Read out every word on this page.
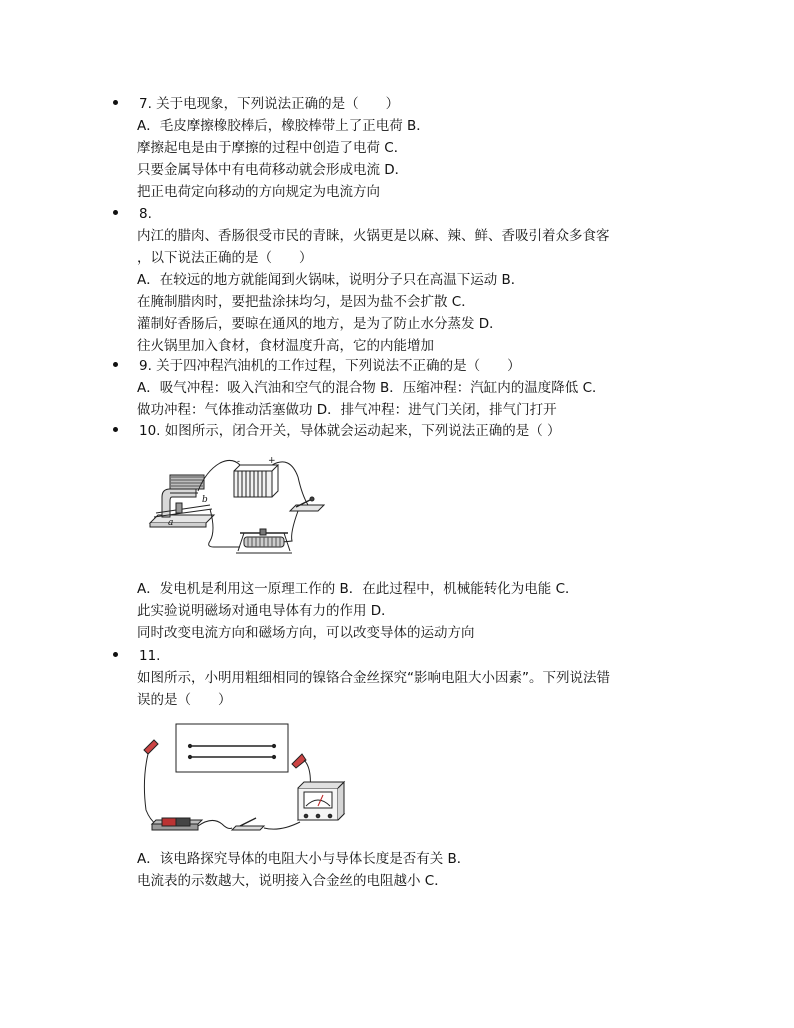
7. 关于电现象，下列说法正确的是（　　）
A．毛皮摩擦橡胶棒后，橡胶棒带上了正电荷 B．
摩擦起电是由于摩擦的过程中创造了电荷 C．
只要金属导体中有电荷移动就会形成电流 D．
把正电荷定向移动的方向规定为电流方向
8.
内江的腊肉、香肠很受市民的青睐，火锅更是以麻、辣、鲜、香吸引着众多食客
，以下说法正确的是（　　）
A．在较远的地方就能闻到火锅味，说明分子只在高温下运动 B．
在腌制腊肉时，要把盐涂抹均匀，是因为盐不会扩散 C．
灌制好香肠后，要晾在通风的地方，是为了防止水分蒸发 D．
往火锅里加入食材，食材温度升高，它的内能增加
9. 关于四冲程汽油机的工作过程，下列说法不正确的是（　　）
A．吸气冲程：吸入汽油和空气的混合物 B．压缩冲程：汽缸内的温度降低 C．
做功冲程：气体推动活塞做功 D．排气冲程：进气门关闭，排气门打开
10. 如图所示，闭合开关，导体就会运动起来，下列说法正确的是（ ）
-	+
b
a
A．发电机是利用这一原理工作的 B．在此过程中，机械能转化为电能 C．
此实验说明磁场对通电导体有力的作用 D．
同时改变电流方向和磁场方向，可以改变导体的运动方向
11.
如图所示，小明用粗细相同的镍铬合金丝探究“影响电阻大小因素”。下列说法错
误的是（　　）
A．该电路探究导体的电阻大小与导体长度是否有关 B．
电流表的示数越大，说明接入合金丝的电阻越小 C．
